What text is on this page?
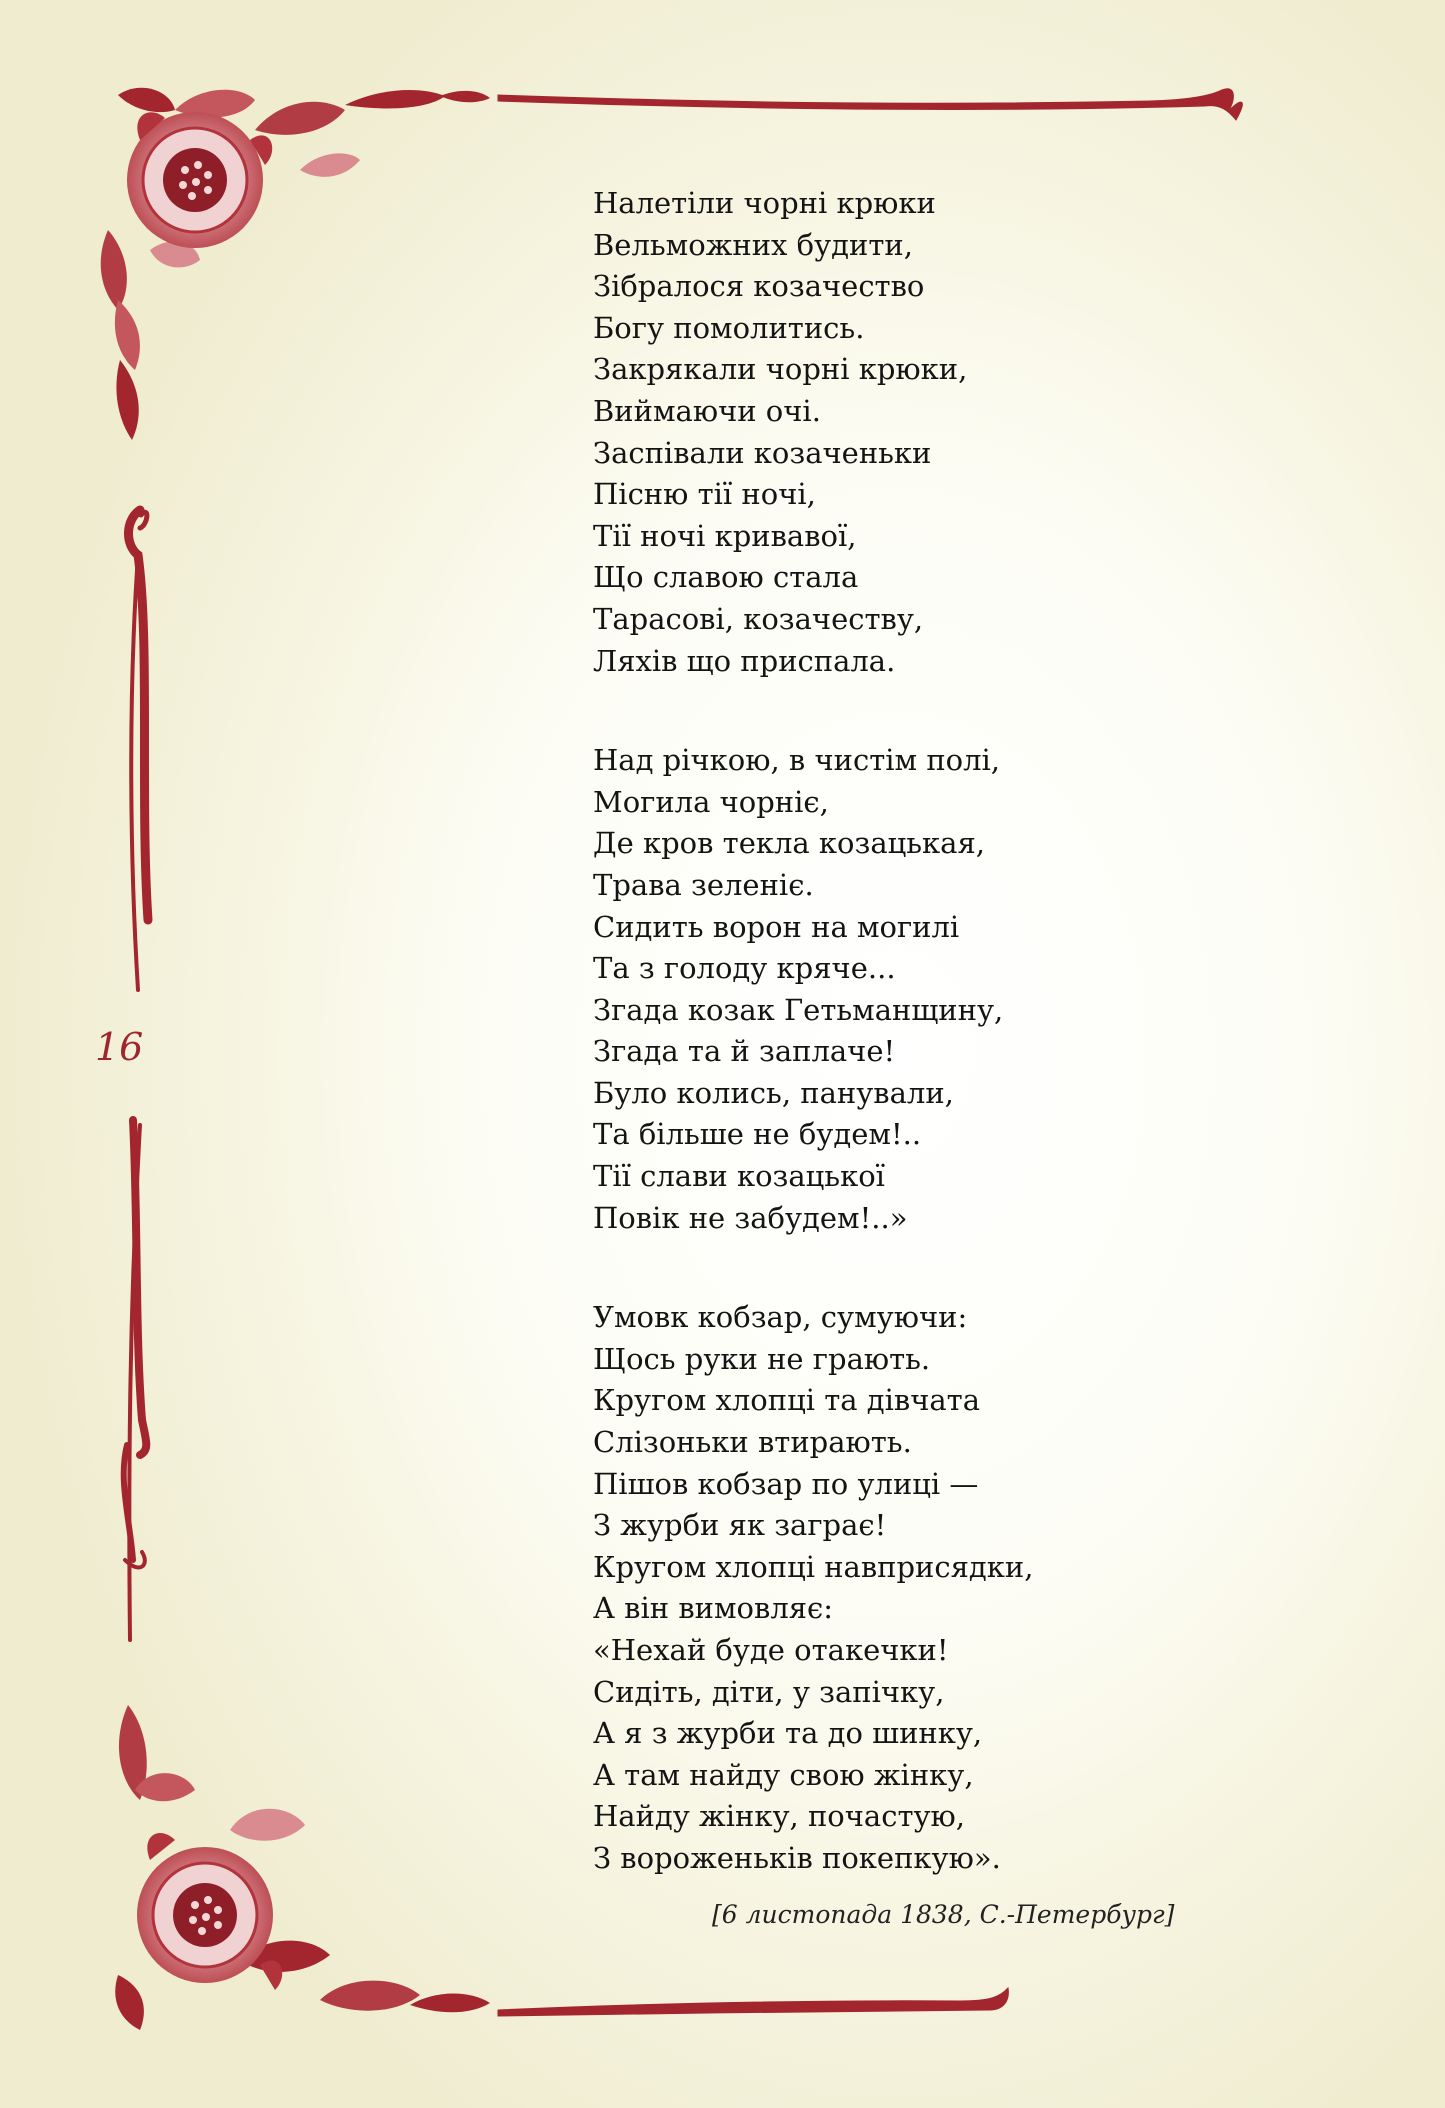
16
Налетіли чорні крюки
Вельможних будити,
Зібралося козачество
Богу помолитись.
Закрякали чорні крюки,
Виймаючи очі.
Заспівали козаченьки
Пісню тії ночі,
Тії ночі кривавої,
Що славою стала
Тарасові, козачеству,
Ляхів що приспала.
Над річкою, в чистім полі,
Могила чорніє,
Де кров текла козацькая,
Трава зеленіє.
Сидить ворон на могилі
Та з голоду кряче...
Згада козак Гетьманщину,
Згада та й заплаче!
Було колись, панували,
Та більше не будем!..
Тії слави козацької
Повік не забудем!..»
Умовк кобзар, сумуючи:
Щось руки не грають.
Кругом хлопці та дівчата
Слізоньки втирають.
Пішов кобзар по улиці —
З журби як заграє!
Кругом хлопці навприсядки,
А він вимовляє:
«Нехай буде отакечки!
Сидіть, діти, у запічку,
А я з журби та до шинку,
А там найду свою жінку,
Найду жінку, почастую,
З вороженьків покепкую».
[6 листопада 1838, С.-Петербург]
